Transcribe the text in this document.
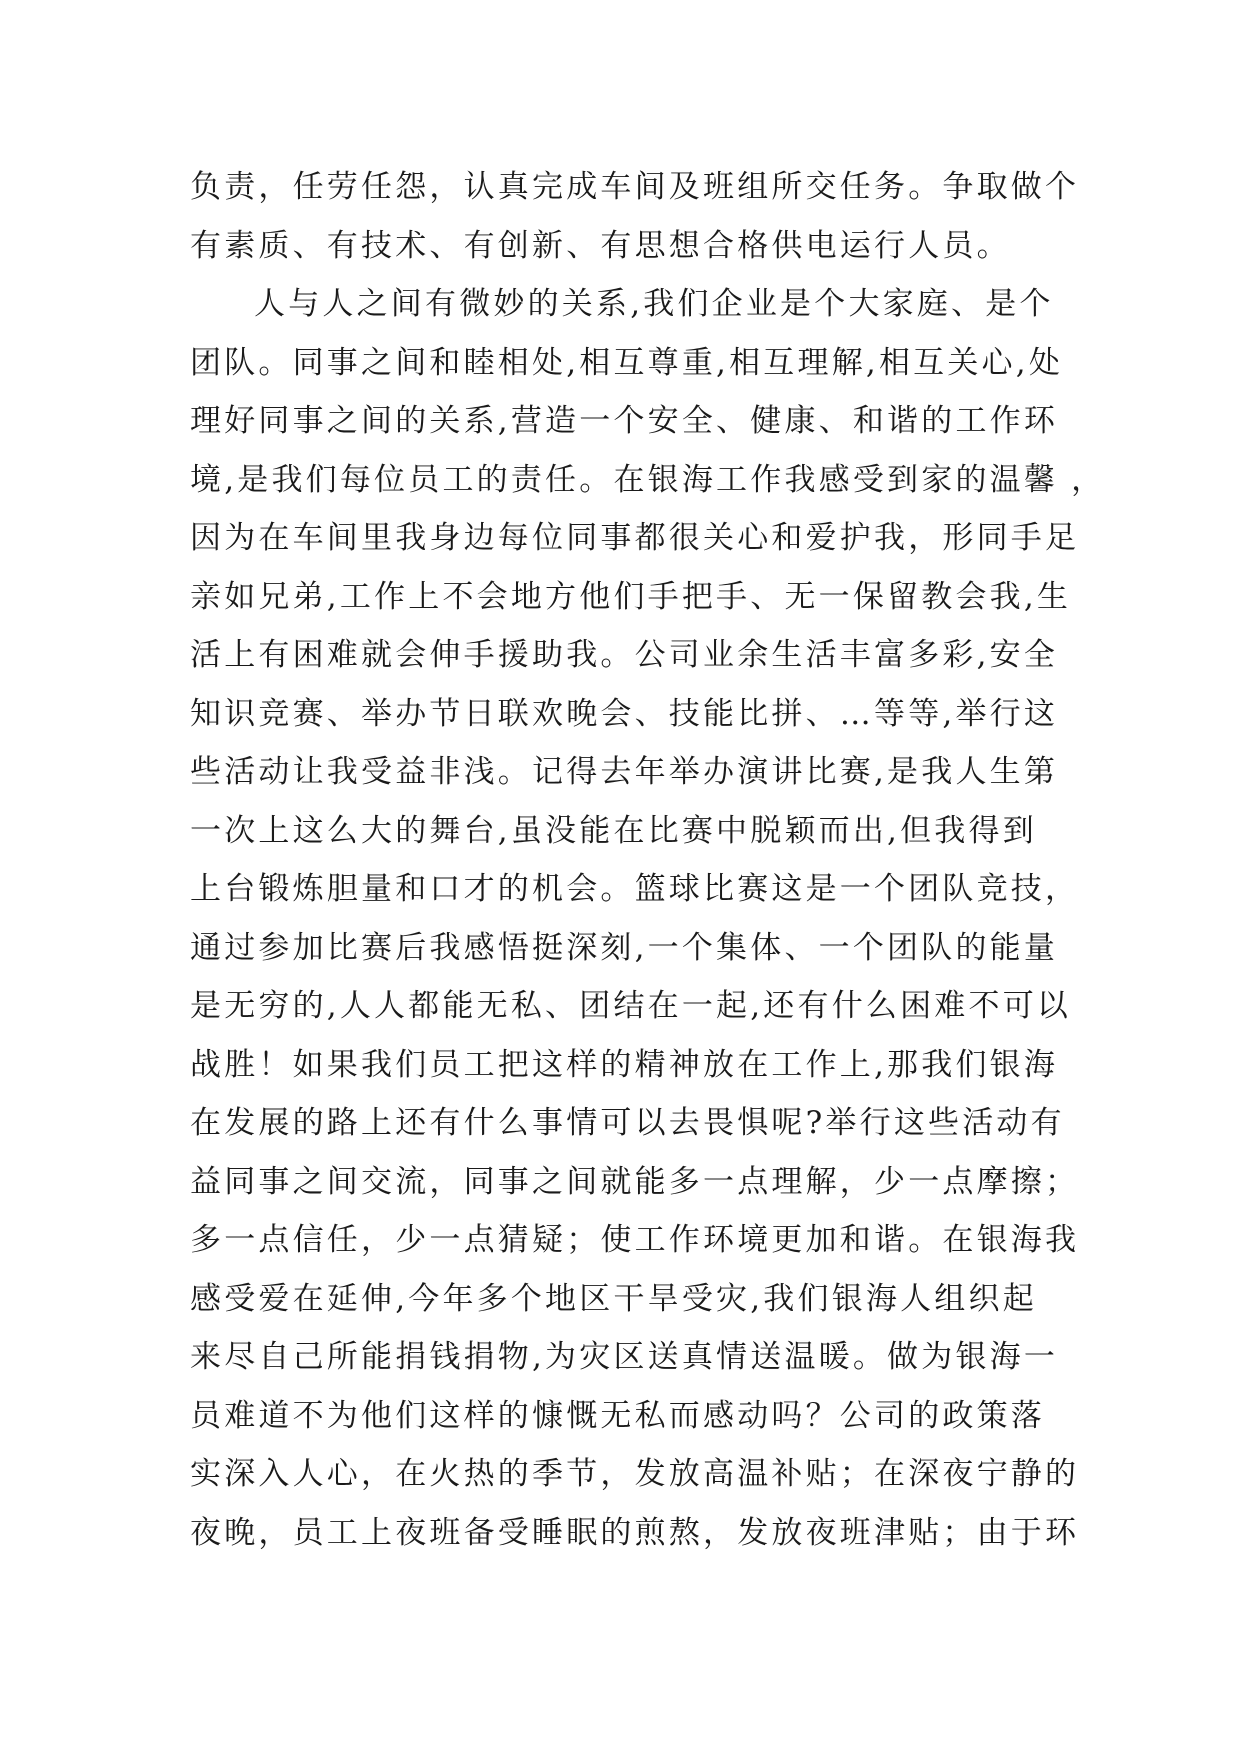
负责，任劳任怨，认真完成车间及班组所交任务。争取做个
有素质、有技术、有创新、有思想合格供电运行人员。
人与人之间有微妙的关系,我们企业是个大家庭、是个
团队。同事之间和睦相处,相互尊重,相互理解,相互关心,处
理好同事之间的关系,营造一个安全、健康、和谐的工作环
境,是我们每位员工的责任。在银海工作我感受到家的温馨 ，
因为在车间里我身边每位同事都很关心和爱护我，形同手足
亲如兄弟,工作上不会地方他们手把手、无一保留教会我,生
活上有困难就会伸手援助我。公司业余生活丰富多彩,安全
知识竞赛、举办节日联欢晚会、技能比拼、…等等,举行这
些活动让我受益非浅。记得去年举办演讲比赛,是我人生第
一次上这么大的舞台,虽没能在比赛中脱颖而出,但我得到
上台锻炼胆量和口才的机会。篮球比赛这是一个团队竞技，
通过参加比赛后我感悟挺深刻,一个集体、一个团队的能量
是无穷的,人人都能无私、团结在一起,还有什么困难不可以
战胜！如果我们员工把这样的精神放在工作上,那我们银海
在发展的路上还有什么事情可以去畏惧呢?举行这些活动有
益同事之间交流，同事之间就能多一点理解，少一点摩擦；
多一点信任，少一点猜疑；使工作环境更加和谐。在银海我
感受爱在延伸,今年多个地区干旱受灾,我们银海人组织起
来尽自己所能捐钱捐物,为灾区送真情送温暖。做为银海一
员难道不为他们这样的慷慨无私而感动吗？公司的政策落
实深入人心，在火热的季节，发放高温补贴；在深夜宁静的
夜晚，员工上夜班备受睡眠的煎熬，发放夜班津贴；由于环
